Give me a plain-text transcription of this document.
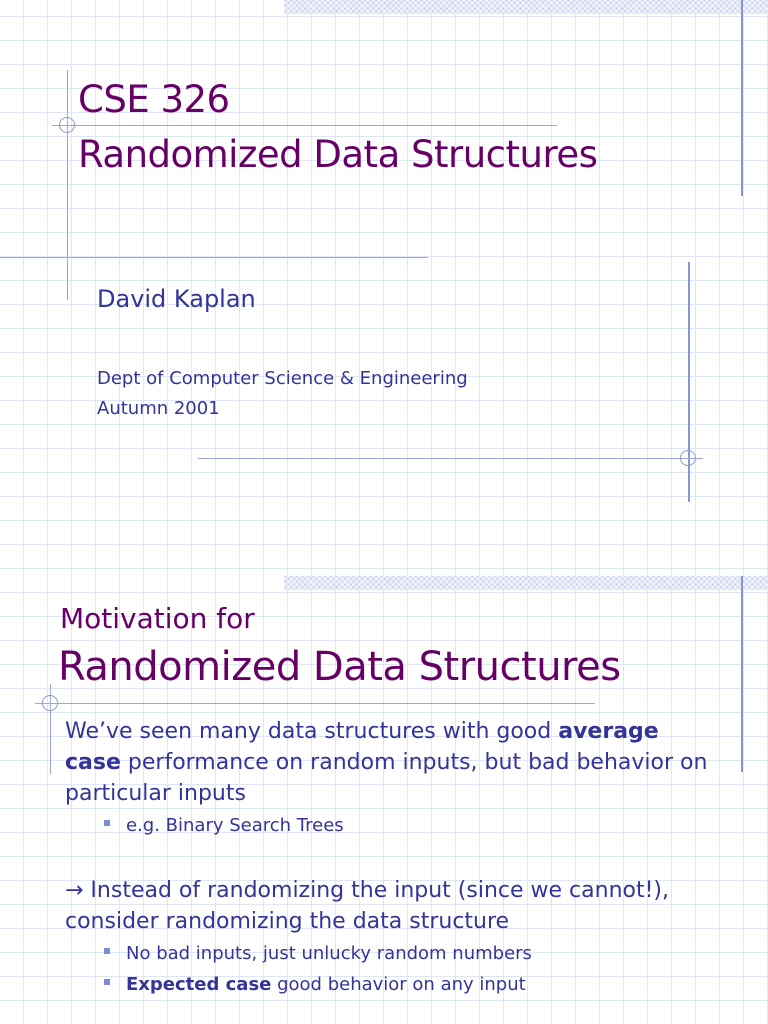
CSE 326
Randomized Data Structures
David Kaplan
Dept of Computer Science & Engineering
Autumn 2001
Motivation for
Randomized Data Structures
We’ve seen many data structures with good average case performance on random inputs, but bad behavior on particular inputs
e.g. Binary Search Trees
→ Instead of randomizing the input (since we cannot!), consider randomizing the data structure
No bad inputs, just unlucky random numbers
Expected case good behavior on any input
